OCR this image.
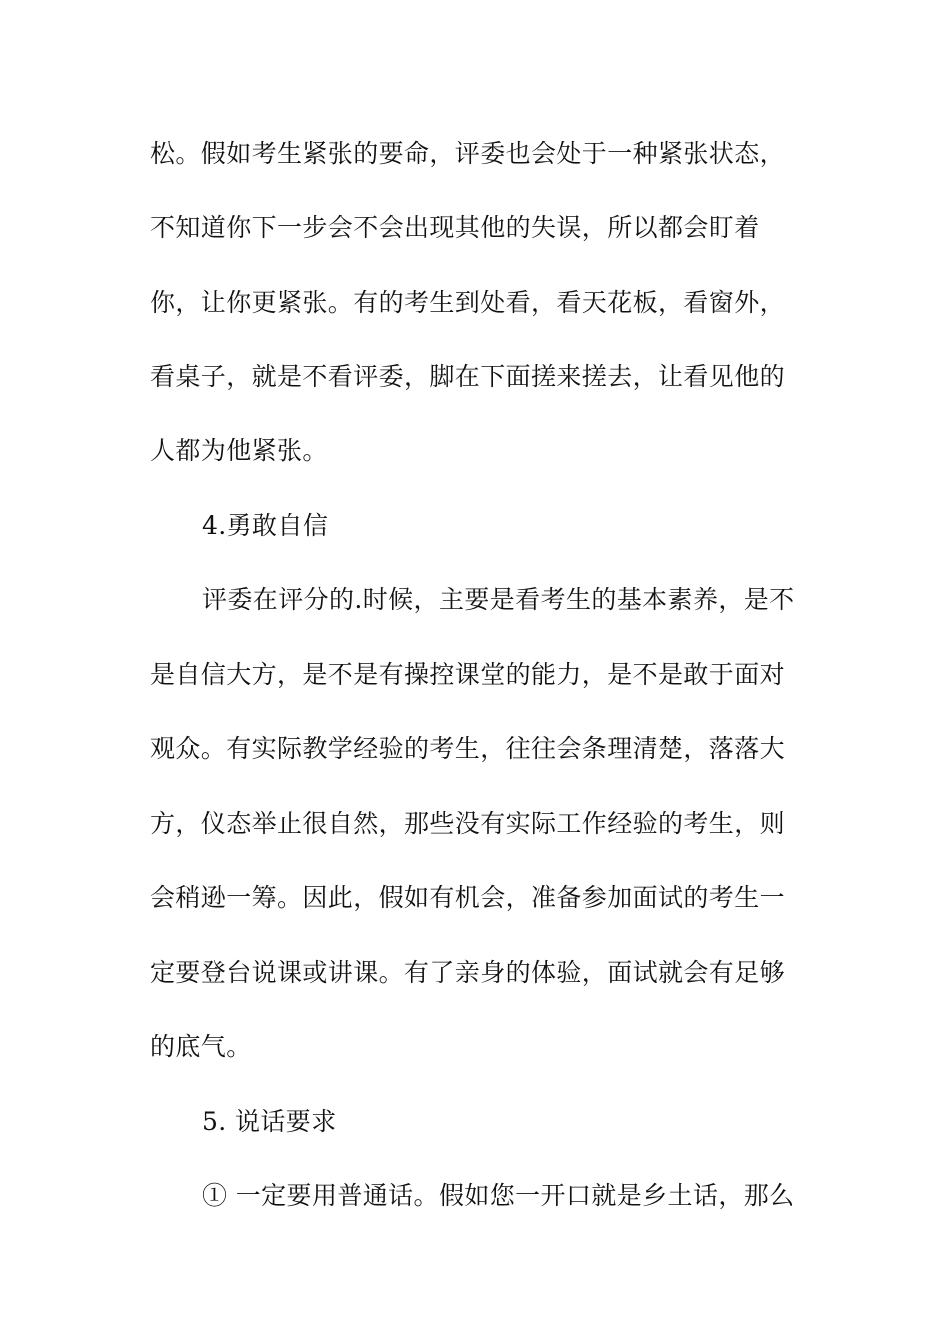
松。假如考生紧张的要命，评委也会处于一种紧张状态，
不知道你下一步会不会出现其他的失误，所以都会盯着
你，让你更紧张。有的考生到处看，看天花板，看窗外，
看桌子，就是不看评委，脚在下面搓来搓去，让看见他的
人都为他紧张。
4.勇敢自信
评委在评分的.时候，主要是看考生的基本素养，是不
是自信大方，是不是有操控课堂的能力，是不是敢于面对
观众。有实际教学经验的考生，往往会条理清楚，落落大
方，仪态举止很自然，那些没有实际工作经验的考生，则
会稍逊一筹。因此，假如有机会，准备参加面试的考生一
定要登台说课或讲课。有了亲身的体验，面试就会有足够
的底气。
5. 说话要求
① 一定要用普通话。假如您一开口就是乡土话，那么
